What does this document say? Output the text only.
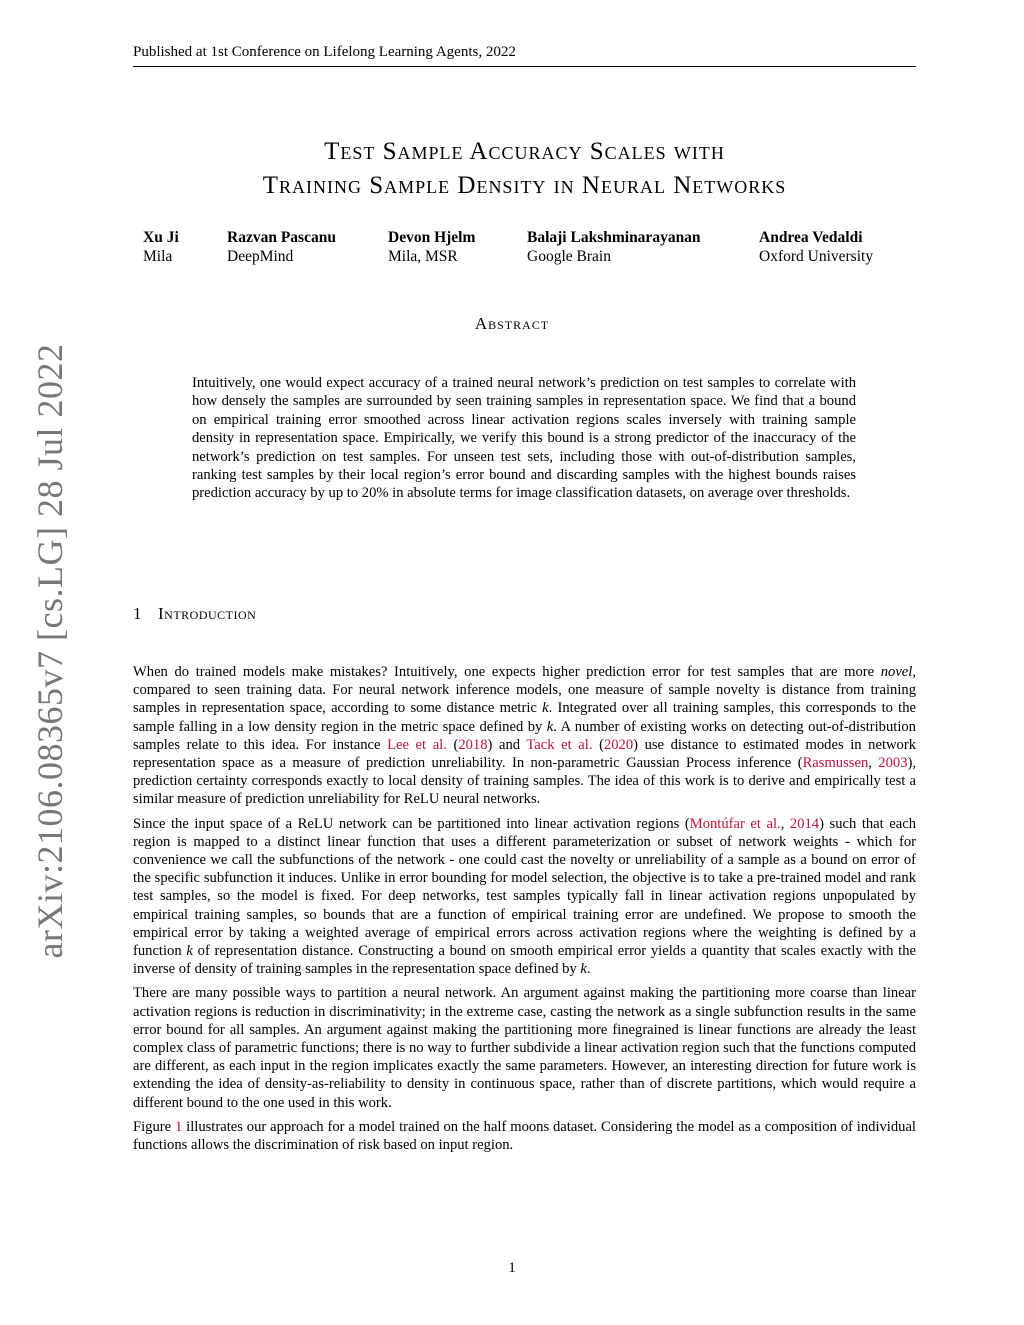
Published at 1st Conference on Lifelong Learning Agents, 2022
Test Sample Accuracy Scales with
Training Sample Density in Neural Networks
Xu Ji
Mila
Razvan Pascanu
DeepMind
Devon Hjelm
Mila, MSR
Balaji Lakshminarayanan
Google Brain
Andrea Vedaldi
Oxford University
arXiv:2106.08365v7 [cs.LG] 28 Jul 2022
Abstract
Intuitively, one would expect accuracy of a trained neural network’s prediction on test samples to correlate with how densely the samples are surrounded by seen training samples in representation space. We find that a bound on empirical training error smoothed across linear activation regions scales inversely with training sample density in representation space. Empirically, we verify this bound is a strong predictor of the inaccuracy of the network’s prediction on test samples. For unseen test sets, including those with out-of-distribution samples, ranking test samples by their local region’s error bound and discarding samples with the highest bounds raises prediction accuracy by up to 20% in absolute terms for image classification datasets, on average over thresholds.
1 Introduction

When do trained models make mistakes? Intuitively, one expects higher prediction error for test samples that are more novel, compared to seen training data. For neural network inference models, one measure of sample novelty is distance from training samples in representation space, according to some distance metric k. Integrated over all training samples, this corresponds to the sample falling in a low density region in the metric space defined by k. A number of existing works on detecting out-of-distribution samples relate to this idea. For instance Lee et al. (2018) and Tack et al. (2020) use distance to estimated modes in network representation space as a measure of prediction unreliability. In non-parametric Gaussian Process inference (Rasmussen, 2003), prediction certainty corresponds exactly to local density of training samples. The idea of this work is to derive and empirically test a similar measure of prediction unreliability for ReLU neural networks.

Since the input space of a ReLU network can be partitioned into linear activation regions (Montúfar et al., 2014) such that each region is mapped to a distinct linear function that uses a different parameterization or subset of network weights - which for convenience we call the subfunctions of the network - one could cast the novelty or unreliability of a sample as a bound on error of the specific subfunction it induces. Unlike in error bounding for model selection, the objective is to take a pre-trained model and rank test samples, so the model is fixed. For deep networks, test samples typically fall in linear activation regions unpopulated by empirical training samples, so bounds that are a function of empirical training error are undefined. We propose to smooth the empirical error by taking a weighted average of empirical errors across activation regions where the weighting is defined by a function k of representation distance. Constructing a bound on smooth empirical error yields a quantity that scales exactly with the inverse of density of training samples in the representation space defined by k.

There are many possible ways to partition a neural network. An argument against making the partitioning more coarse than linear activation regions is reduction in discriminativity; in the extreme case, casting the network as a single subfunction results in the same error bound for all samples. An argument against making the partitioning more finegrained is linear functions are already the least complex class of parametric functions; there is no way to further subdivide a linear activation region such that the functions computed are different, as each input in the region implicates exactly the same parameters. However, an interesting direction for future work is extending the idea of density-as-reliability to density in continuous space, rather than of discrete partitions, which would require a different bound to the one used in this work.

Figure 1 illustrates our approach for a model trained on the half moons dataset. Considering the model as a composition of individual functions allows the discrimination of risk based on input region.

1
